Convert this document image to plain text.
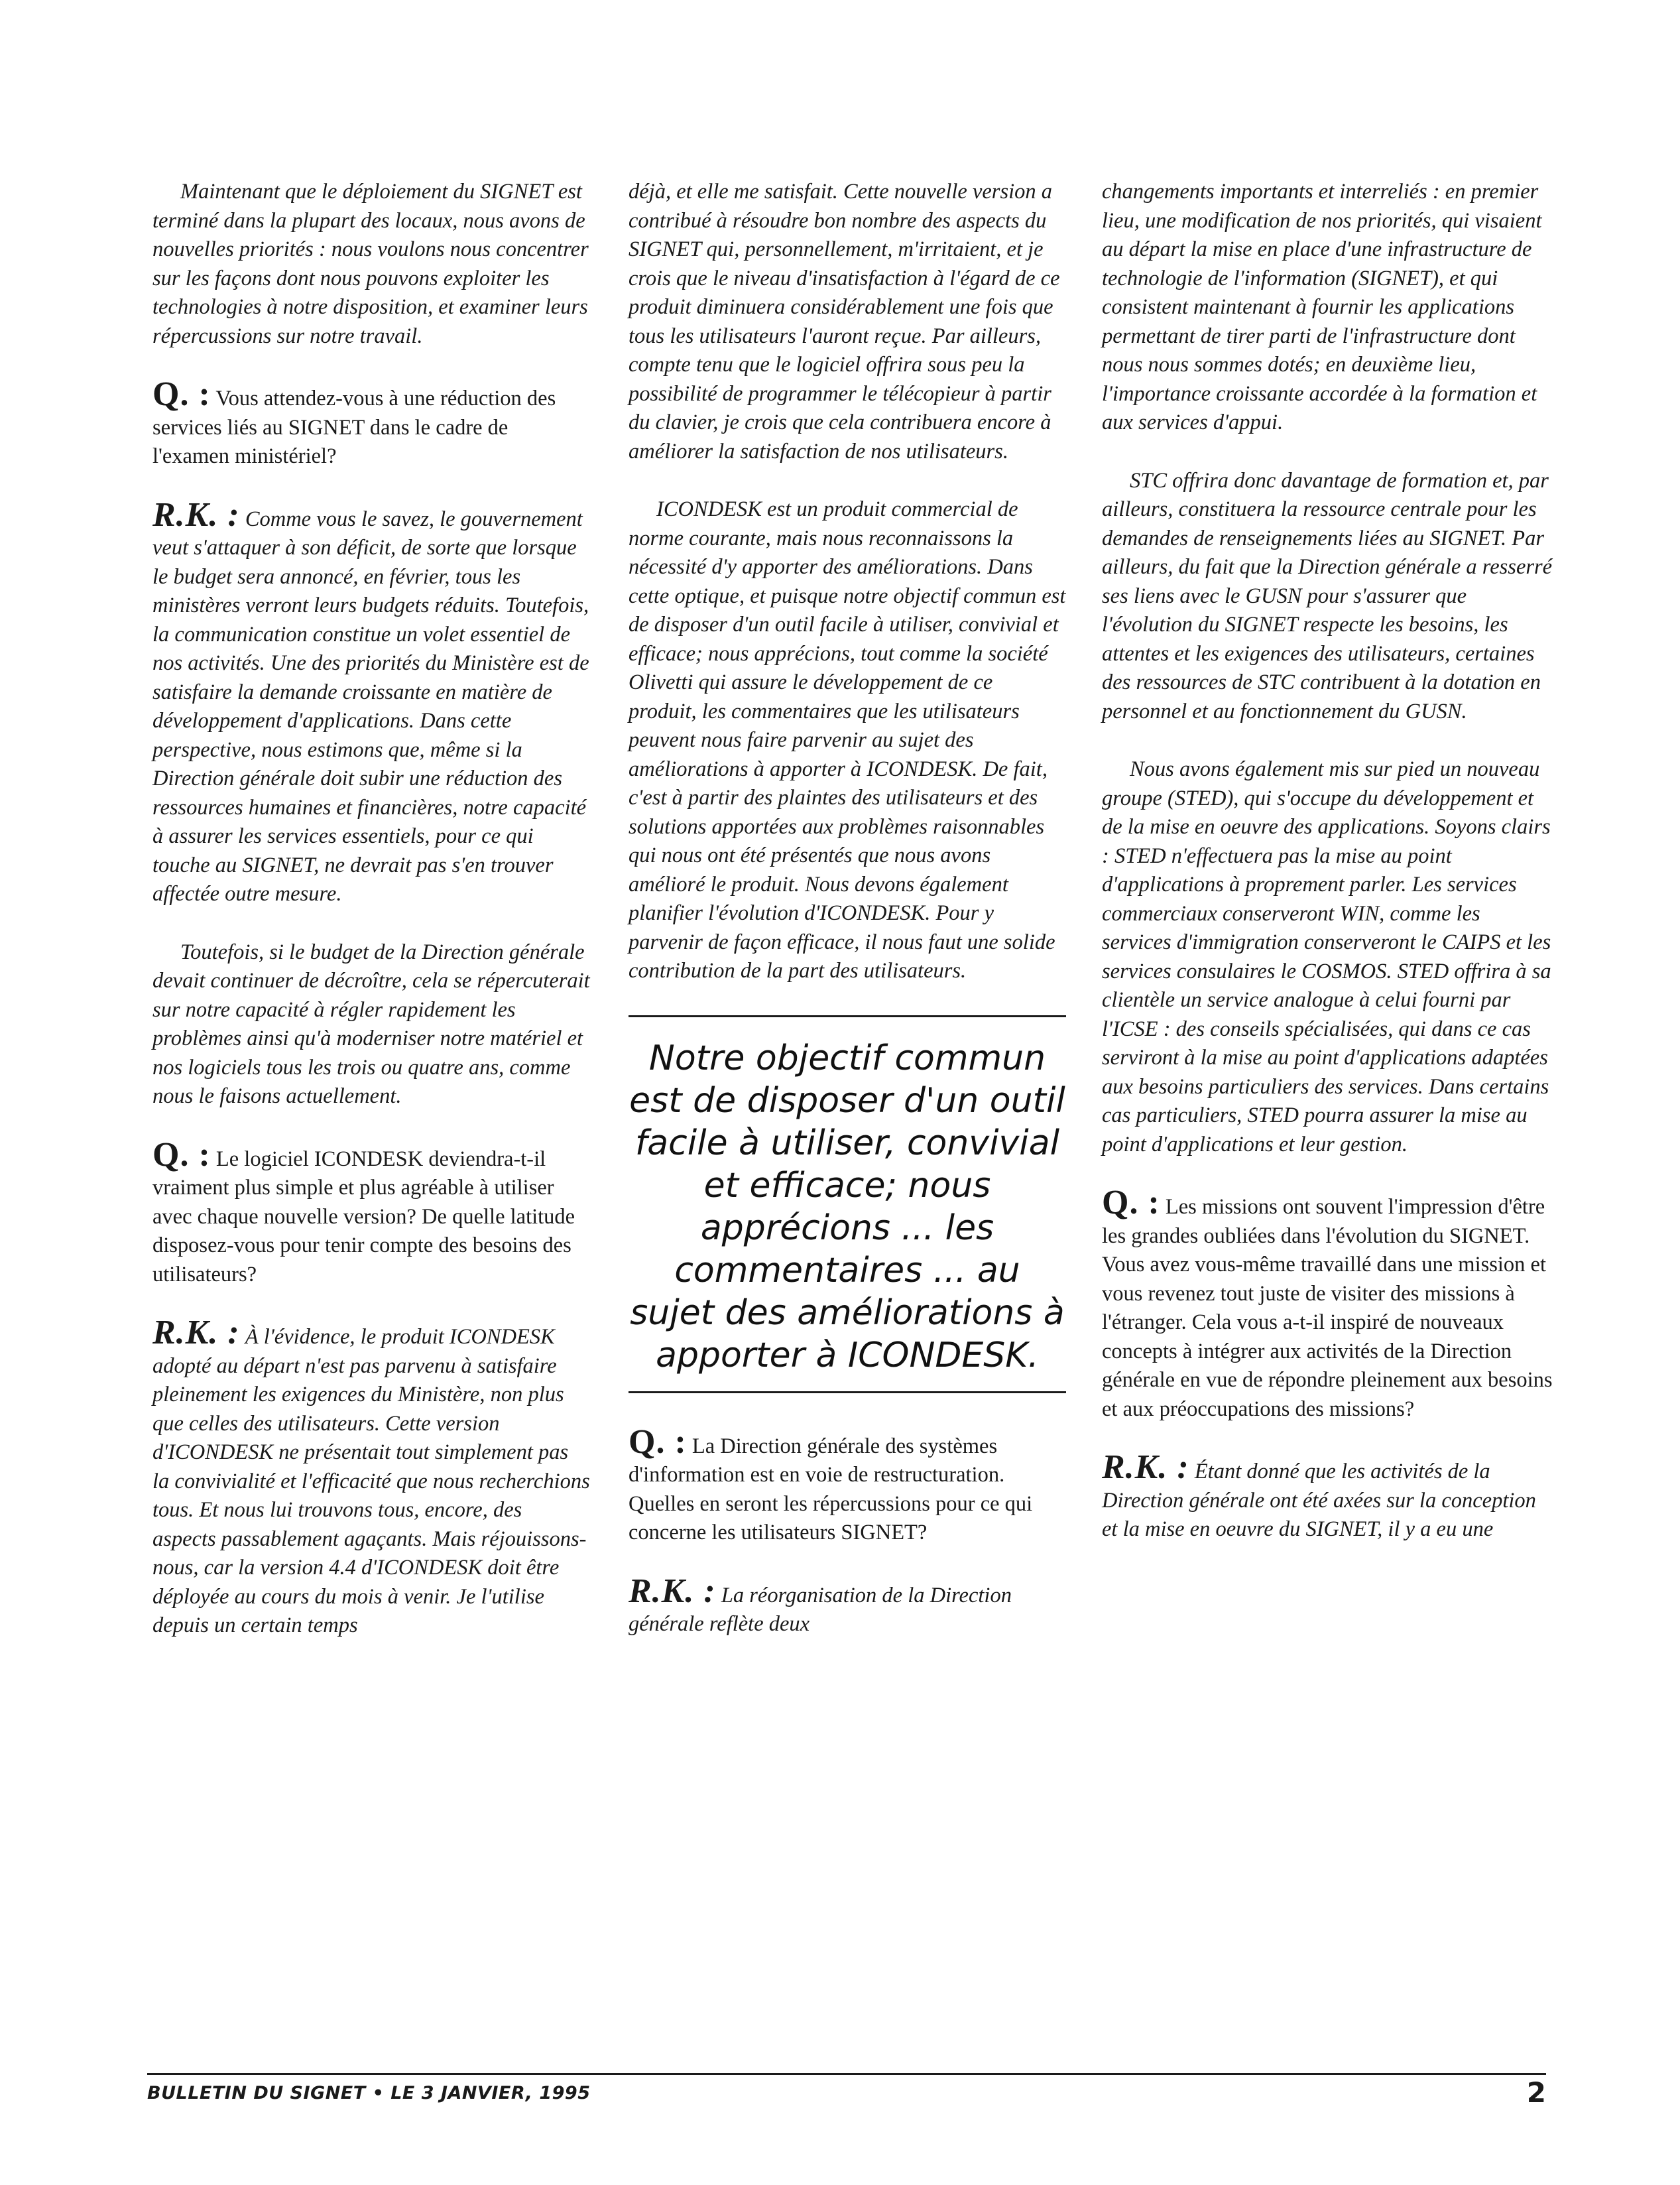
Maintenant que le déploiement du SIGNET est terminé dans la plupart des locaux, nous avons de nouvelles priorités : nous voulons nous concentrer sur les façons dont nous pouvons exploiter les technologies à notre disposition, et examiner leurs répercussions sur notre travail.

Q. : Vous attendez-vous à une réduction des services liés au SIGNET dans le cadre de l'examen ministériel?

R.K. : Comme vous le savez, le gouvernement veut s'attaquer à son déficit, de sorte que lorsque le budget sera annoncé, en février, tous les ministères verront leurs budgets réduits. Toutefois, la communication constitue un volet essentiel de nos activités. Une des priorités du Ministère est de satisfaire la demande croissante en matière de développement d'applications. Dans cette perspective, nous estimons que, même si la Direction générale doit subir une réduction des ressources humaines et financières, notre capacité à assurer les services essentiels, pour ce qui touche au SIGNET, ne devrait pas s'en trouver affectée outre mesure.

Toutefois, si le budget de la Direction générale devait continuer de décroître, cela se répercuterait sur notre capacité à régler rapidement les problèmes ainsi qu'à moderniser notre matériel et nos logiciels tous les trois ou quatre ans, comme nous le faisons actuellement.

Q. : Le logiciel ICONDESK deviendra-t-il vraiment plus simple et plus agréable à utiliser avec chaque nouvelle version? De quelle latitude disposez-vous pour tenir compte des besoins des utilisateurs?

R.K. : À l'évidence, le produit ICONDESK adopté au départ n'est pas parvenu à satisfaire pleinement les exigences du Ministère, non plus que celles des utilisateurs. Cette version d'ICONDESK ne présentait tout simplement pas la convivialité et l'efficacité que nous recherchions tous. Et nous lui trouvons tous, encore, des aspects passablement agaçants. Mais réjouissons-nous, car la version 4.4 d'ICONDESK doit être déployée au cours du mois à venir. Je l'utilise depuis un certain temps

déjà, et elle me satisfait. Cette nouvelle version a contribué à résoudre bon nombre des aspects du SIGNET qui, personnellement, m'irritaient, et je crois que le niveau d'insatisfaction à l'égard de ce produit diminuera considérablement une fois que tous les utilisateurs l'auront reçue. Par ailleurs, compte tenu que le logiciel offrira sous peu la possibilité de programmer le télécopieur à partir du clavier, je crois que cela contribuera encore à améliorer la satisfaction de nos utilisateurs.

ICONDESK est un produit commercial de norme courante, mais nous reconnaissons la nécessité d'y apporter des améliorations. Dans cette optique, et puisque notre objectif commun est de disposer d'un outil facile à utiliser, convivial et efficace; nous apprécions, tout comme la société Olivetti qui assure le développement de ce produit, les commentaires que les utilisateurs peuvent nous faire parvenir au sujet des améliorations à apporter à ICONDESK. De fait, c'est à partir des plaintes des utilisateurs et des solutions apportées aux problèmes raisonnables qui nous ont été présentés que nous avons amélioré le produit. Nous devons également planifier l'évolution d'ICONDESK. Pour y parvenir de façon efficace, il nous faut une solide contribution de la part des utilisateurs.

Notre objectif commun est de disposer d'un outil facile à utiliser, convivial et efficace; nous apprécions ... les commentaires ... au sujet des améliorations à apporter à ICONDESK.

Q. : La Direction générale des systèmes d'information est en voie de restructuration. Quelles en seront les répercussions pour ce qui concerne les utilisateurs SIGNET?

R.K. : La réorganisation de la Direction générale reflète deux

changements importants et interreliés : en premier lieu, une modification de nos priorités, qui visaient au départ la mise en place d'une infrastructure de technologie de l'information (SIGNET), et qui consistent maintenant à fournir les applications permettant de tirer parti de l'infrastructure dont nous nous sommes dotés; en deuxième lieu, l'importance croissante accordée à la formation et aux services d'appui.

STC offrira donc davantage de formation et, par ailleurs, constituera la ressource centrale pour les demandes de renseignements liées au SIGNET. Par ailleurs, du fait que la Direction générale a resserré ses liens avec le GUSN pour s'assurer que l'évolution du SIGNET respecte les besoins, les attentes et les exigences des utilisateurs, certaines des ressources de STC contribuent à la dotation en personnel et au fonctionnement du GUSN.

Nous avons également mis sur pied un nouveau groupe (STED), qui s'occupe du développement et de la mise en oeuvre des applications. Soyons clairs : STED n'effectuera pas la mise au point d'applications à proprement parler. Les services commerciaux conserveront WIN, comme les services d'immigration conserveront le CAIPS et les services consulaires le COSMOS. STED offrira à sa clientèle un service analogue à celui fourni par l'ICSE : des conseils spécialisées, qui dans ce cas serviront à la mise au point d'applications adaptées aux besoins particuliers des services. Dans certains cas particuliers, STED pourra assurer la mise au point d'applications et leur gestion.

Q. : Les missions ont souvent l'impression d'être les grandes oubliées dans l'évolution du SIGNET. Vous avez vous-même travaillé dans une mission et vous revenez tout juste de visiter des missions à l'étranger. Cela vous a-t-il inspiré de nouveaux concepts à intégrer aux activités de la Direction générale en vue de répondre pleinement aux besoins et aux préoccupations des missions?

R.K. : Étant donné que les activités de la Direction générale ont été axées sur la conception et la mise en oeuvre du SIGNET, il y a eu une

BULLETIN DU SIGNET • LE 3 JANVIER, 1995	2
